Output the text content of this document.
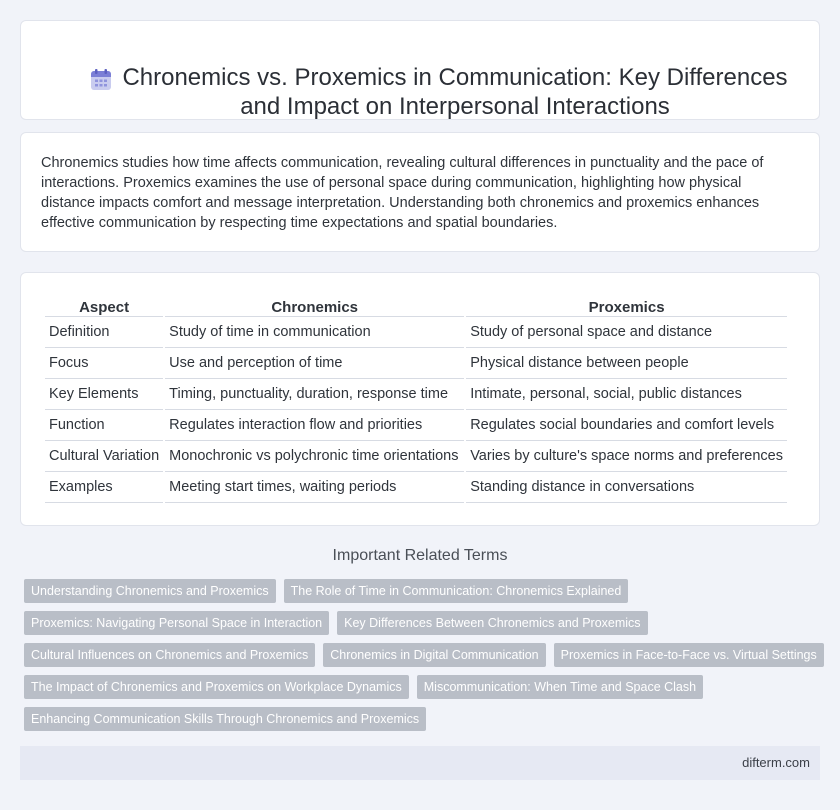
Chronemics vs. Proxemics in Communication: Key Differences and Impact on Interpersonal Interactions

Chronemics studies how time affects communication, revealing cultural differences in punctuality and the pace of interactions. Proxemics examines the use of personal space during communication, highlighting how physical distance impacts comfort and message interpretation. Understanding both chronemics and proxemics enhances effective communication by respecting time expectations and spatial boundaries.

Aspect	Chronemics	Proxemics
Definition	Study of time in communication	Study of personal space and distance
Focus	Use and perception of time	Physical distance between people
Key Elements	Timing, punctuality, duration, response time	Intimate, personal, social, public distances
Function	Regulates interaction flow and priorities	Regulates social boundaries and comfort levels
Cultural Variation	Monochronic vs polychronic time orientations	Varies by culture's space norms and preferences
Examples	Meeting start times, waiting periods	Standing distance in conversations
Important Related Terms
Understanding Chronemics and Proxemics	The Role of Time in Communication: Chronemics Explained
Proxemics: Navigating Personal Space in Interaction	Key Differences Between Chronemics and Proxemics
Cultural Influences on Chronemics and Proxemics	Chronemics in Digital Communication	Proxemics in Face-to-Face vs. Virtual Settings
The Impact of Chronemics and Proxemics on Workplace Dynamics	Miscommunication: When Time and Space Clash
Enhancing Communication Skills Through Chronemics and Proxemics
difterm.com
